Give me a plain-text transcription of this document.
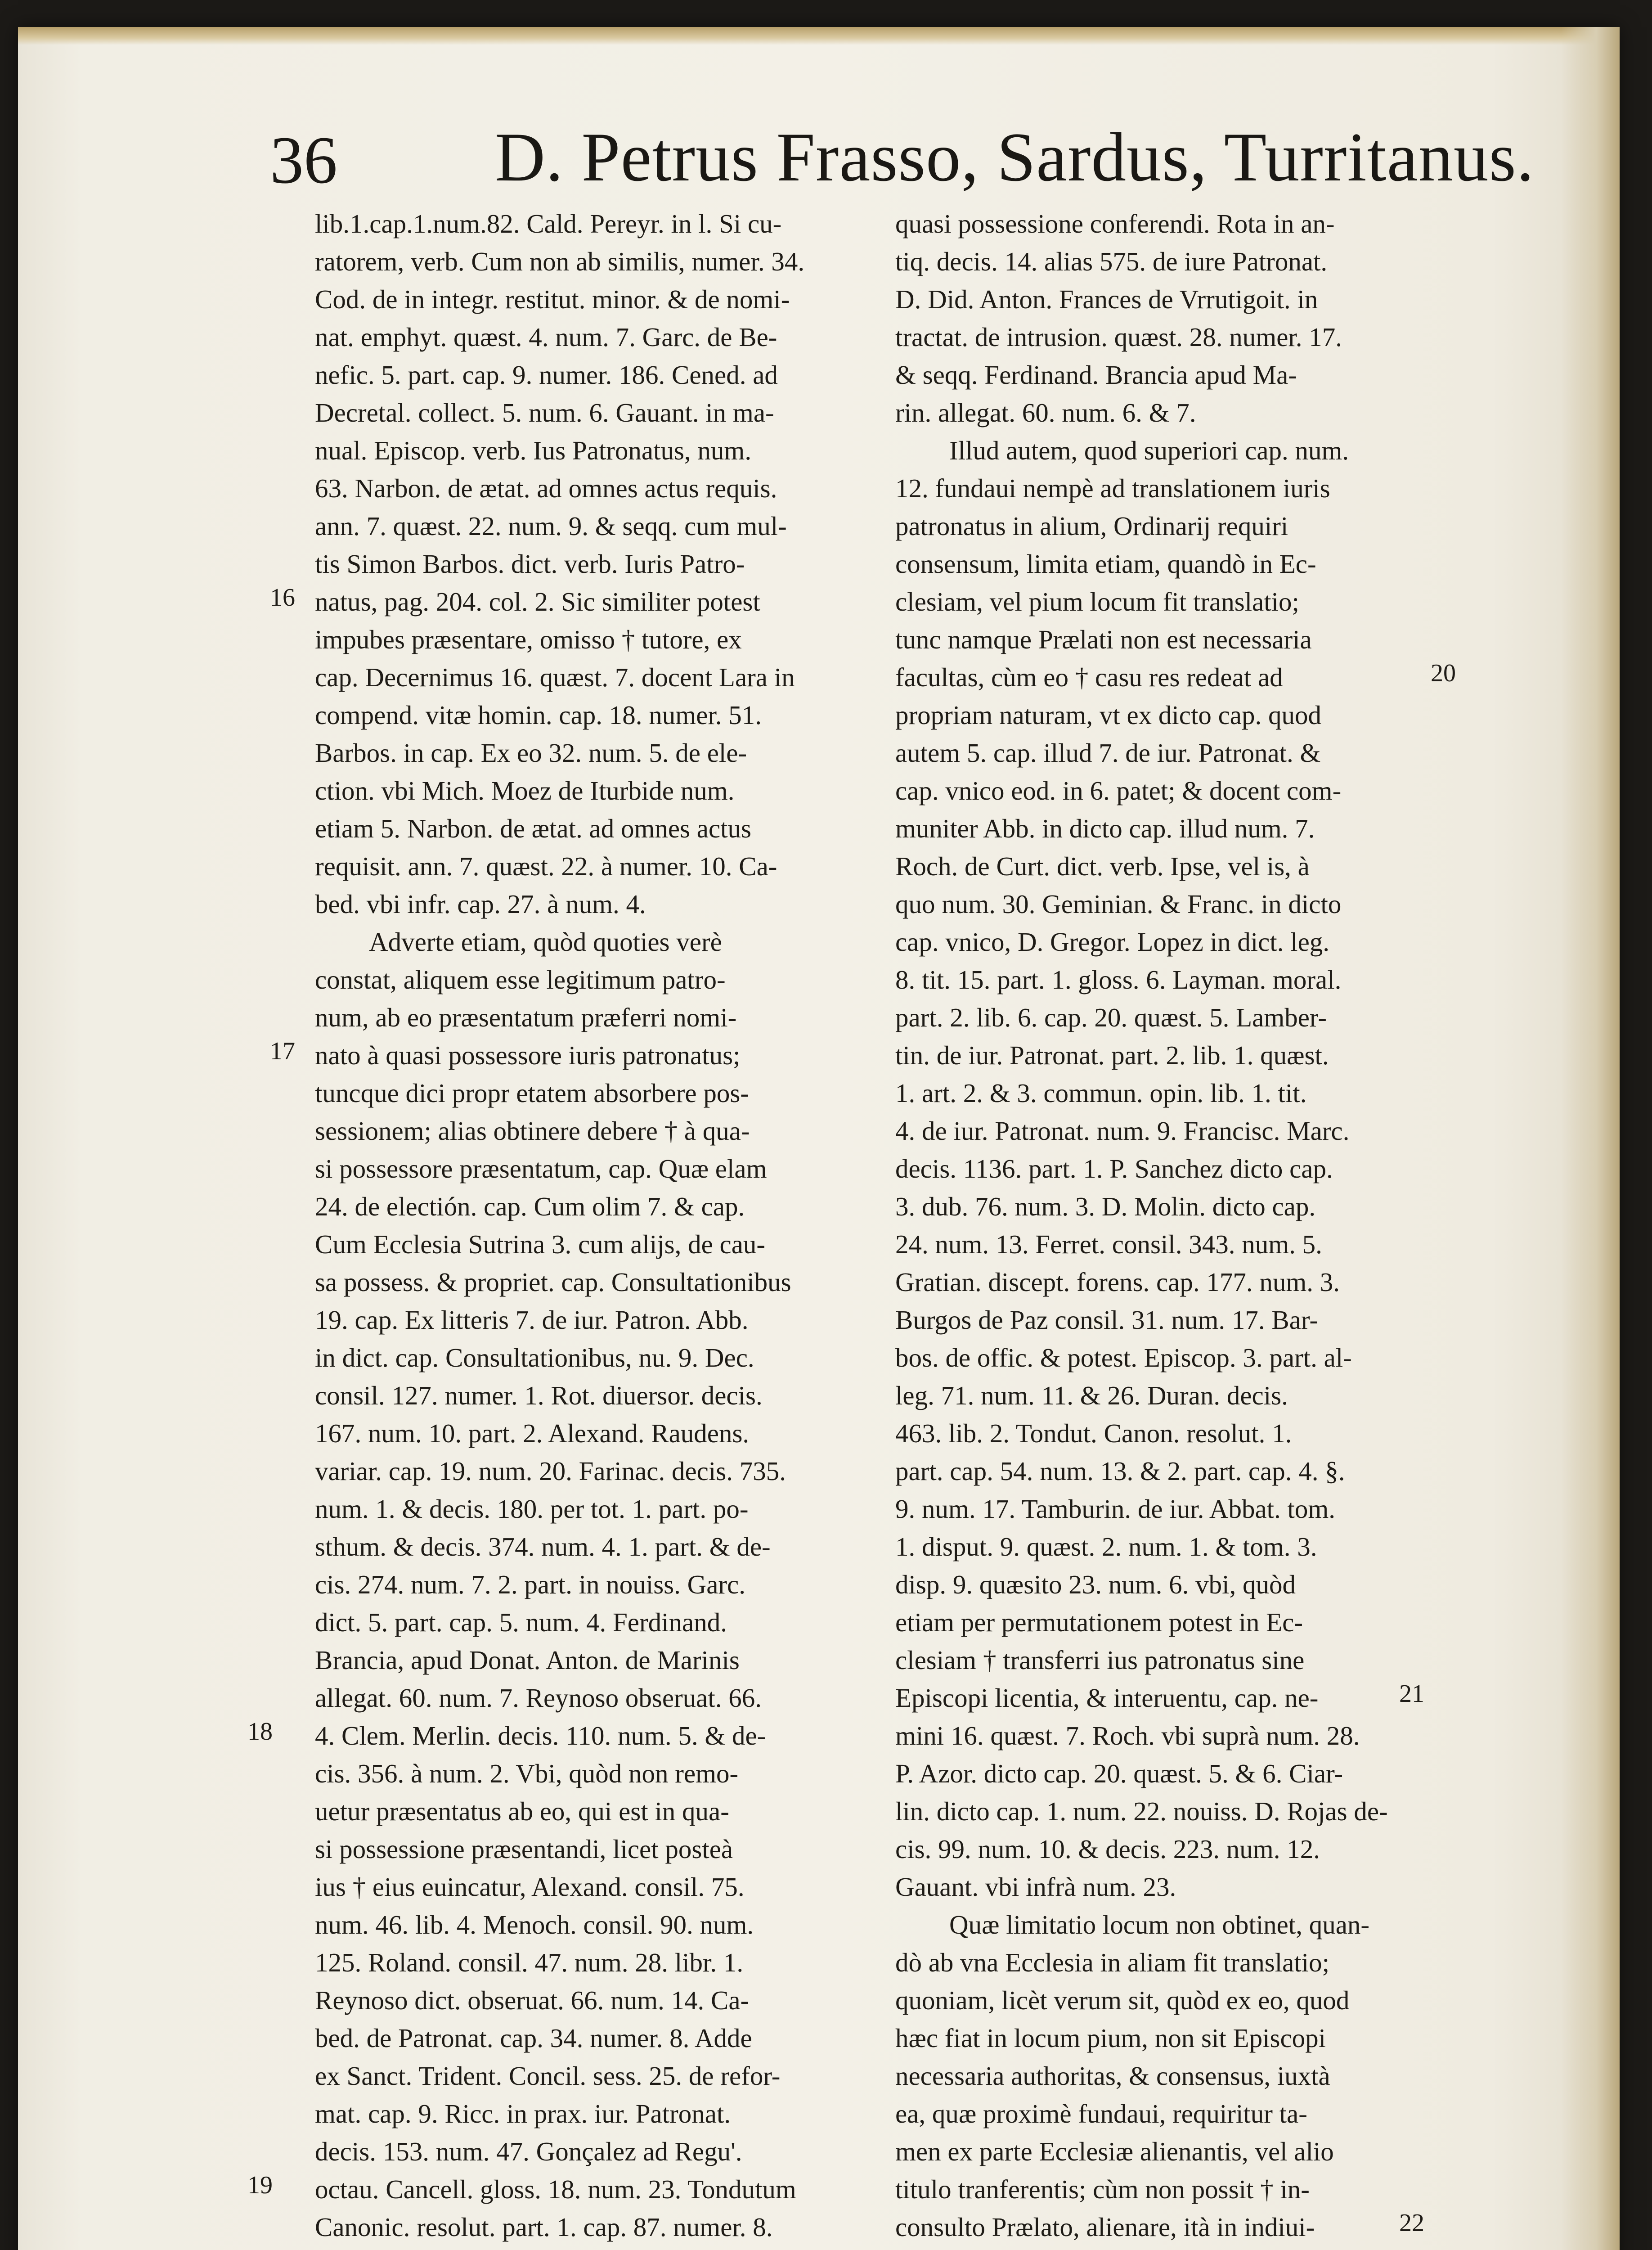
36 D. Petrus Frasso, Sardus, Turritanus.
lib.1.cap.1.num.82. Cald. Pereyr. in l. Si cu-
ratorem, verb. Cum non ab similis, numer. 34.
Cod. de in integr. restitut. minor. & de nomi-
nat. emphyt. quæst. 4. num. 7. Garc. de Be-
nefic. 5. part. cap. 9. numer. 186. Cened. ad
Decretal. collect. 5. num. 6. Gauant. in ma-
nual. Episcop. verb. Ius Patronatus, num.
63. Narbon. de ætat. ad omnes actus requis.
ann. 7. quæst. 22. num. 9. & seqq. cum mul-
tis Simon Barbos. dict. verb. Iuris Patro-
natus, pag. 204. col. 2. Sic similiter potest
impubes præsentare, omisso † tutore, ex
cap. Decernimus 16. quæst. 7. docent Lara in
compend. vitæ homin. cap. 18. numer. 51.
Barbos. in cap. Ex eo 32. num. 5. de ele-
ction. vbi Mich. Moez de Iturbide num.
etiam 5. Narbon. de ætat. ad omnes actus
requisit. ann. 7. quæst. 22. à numer. 10. Ca-
bed. vbi infr. cap. 27. à num. 4.
Adverte etiam, quòd quoties verè
constat, aliquem esse legitimum patro-
num, ab eo præsentatum præferri nomi-
nato à quasi possessore iuris patronatus;
tuncque dici propr etatem absorbere pos-
sessionem; alias obtinere debere † à qua-
si possessore præsentatum, cap. Quæ elam
24. de electión. cap. Cum olim 7. & cap.
Cum Ecclesia Sutrina 3. cum alijs, de cau-
sa possess. & propriet. cap. Consultationibus
19. cap. Ex litteris 7. de iur. Patron. Abb.
in dict. cap. Consultationibus, nu. 9. Dec.
consil. 127. numer. 1. Rot. diuersor. decis.
167. num. 10. part. 2. Alexand. Raudens.
variar. cap. 19. num. 20. Farinac. decis. 735.
num. 1. & decis. 180. per tot. 1. part. po-
sthum. & decis. 374. num. 4. 1. part. & de-
cis. 274. num. 7. 2. part. in nouiss. Garc.
dict. 5. part. cap. 5. num. 4. Ferdinand.
Brancia, apud Donat. Anton. de Marinis
allegat. 60. num. 7. Reynoso obseruat. 66.
4. Clem. Merlin. decis. 110. num. 5. & de-
cis. 356. à num. 2. Vbi, quòd non remo-
uetur præsentatus ab eo, qui est in qua-
si possessione præsentandi, licet posteà
ius † eius euincatur, Alexand. consil. 75.
num. 46. lib. 4. Menoch. consil. 90. num.
125. Roland. consil. 47. num. 28. libr. 1.
Reynoso dict. obseruat. 66. num. 14. Ca-
bed. de Patronat. cap. 34. numer. 8. Adde
ex Sanct. Trident. Concil. sess. 25. de refor-
mat. cap. 9. Ricc. in prax. iur. Patronat.
decis. 153. num. 47. Gonçalez ad Regu'.
octau. Cancell. gloss. 18. num. 23. Tondutum
Canonic. resolut. part. 1. cap. 87. numer. 8.
quasi possessione conferendi. Rota in an-
tiq. decis. 14. alias 575. de iure Patronat.
D. Did. Anton. Frances de Vrrutigoit. in
tractat. de intrusion. quæst. 28. numer. 17.
& seqq. Ferdinand. Brancia apud Ma-
rin. allegat. 60. num. 6. & 7.
Illud autem, quod superiori cap. num.
12. fundaui nempè ad translationem iuris
patronatus in alium, Ordinarij requiri
consensum, limita etiam, quandò in Ec-
clesiam, vel pium locum fit translatio;
tunc namque Prælati non est necessaria
facultas, cùm eo † casu res redeat ad
propriam naturam, vt ex dicto cap. quod
autem 5. cap. illud 7. de iur. Patronat. &
cap. vnico eod. in 6. patet; & docent com-
muniter Abb. in dicto cap. illud num. 7.
Roch. de Curt. dict. verb. Ipse, vel is, à
quo num. 30. Geminian. & Franc. in dicto
cap. vnico, D. Gregor. Lopez in dict. leg.
8. tit. 15. part. 1. gloss. 6. Layman. moral.
part. 2. lib. 6. cap. 20. quæst. 5. Lamber-
tin. de iur. Patronat. part. 2. lib. 1. quæst.
1. art. 2. & 3. commun. opin. lib. 1. tit.
4. de iur. Patronat. num. 9. Francisc. Marc.
decis. 1136. part. 1. P. Sanchez dicto cap.
3. dub. 76. num. 3. D. Molin. dicto cap.
24. num. 13. Ferret. consil. 343. num. 5.
Gratian. discept. forens. cap. 177. num. 3.
Burgos de Paz consil. 31. num. 17. Bar-
bos. de offic. & potest. Episcop. 3. part. al-
leg. 71. num. 11. & 26. Duran. decis.
463. lib. 2. Tondut. Canon. resolut. 1.
part. cap. 54. num. 13. & 2. part. cap. 4. §.
9. num. 17. Tamburin. de iur. Abbat. tom.
1. disput. 9. quæst. 2. num. 1. & tom. 3.
disp. 9. quæsito 23. num. 6. vbi, quòd
etiam per permutationem potest in Ec-
clesiam † transferri ius patronatus sine
Episcopi licentia, & interuentu, cap. ne-
mini 16. quæst. 7. Roch. vbi suprà num. 28.
P. Azor. dicto cap. 20. quæst. 5. & 6. Ciar-
lin. dicto cap. 1. num. 22. nouiss. D. Rojas de-
cis. 99. num. 10. & decis. 223. num. 12.
Gauant. vbi infrà num. 23.
Quæ limitatio locum non obtinet, quan-
dò ab vna Ecclesia in aliam fit translatio;
quoniam, licèt verum sit, quòd ex eo, quod
hæc fiat in locum pium, non sit Episcopi
necessaria authoritas, & consensus, iuxtà
ea, quæ proximè fundaui, requiritur ta-
men ex parte Ecclesiæ alienantis, vel alio
titulo tranferentis; cùm non possit † in-
consulto Prælato, alienare, ità in indiui-
16
17
18
19
20
21
22
